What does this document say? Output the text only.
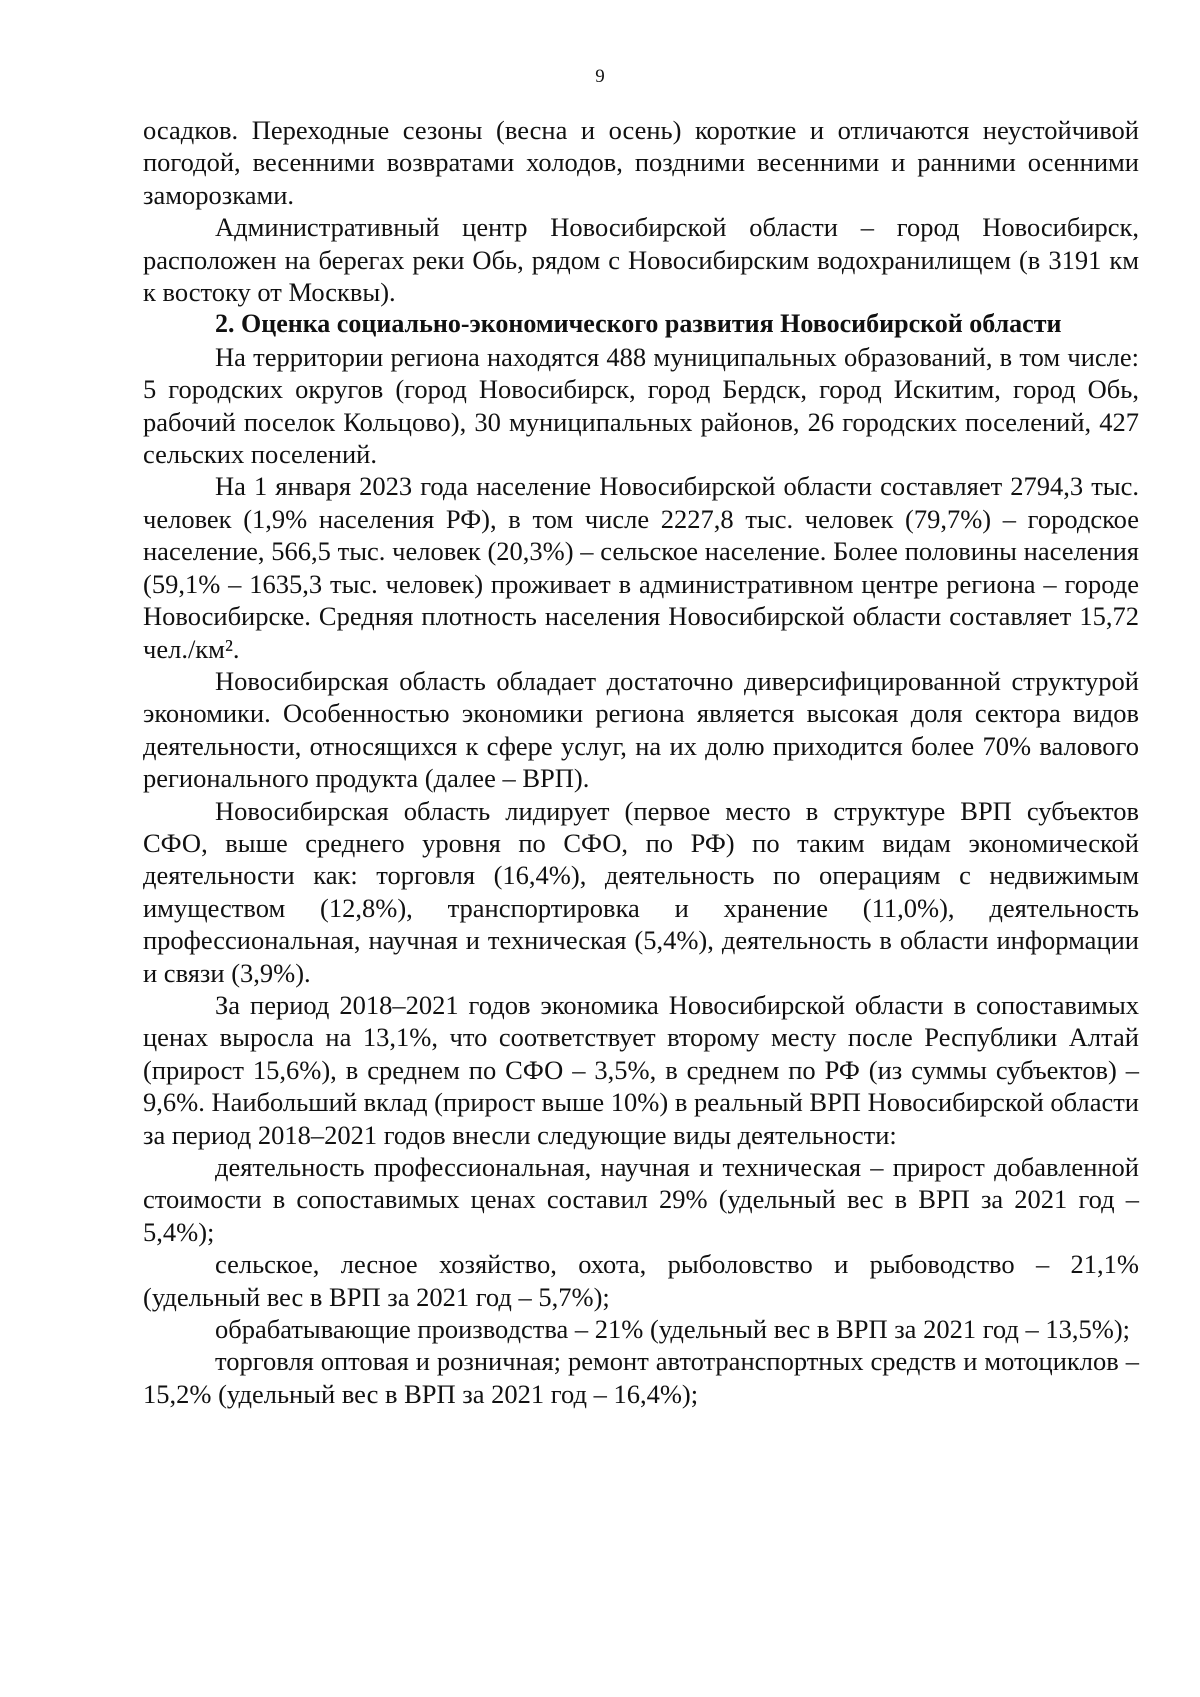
9

осадков. Переходные сезоны (весна и осень) короткие и отличаются неустойчивой погодой, весенними возвратами холодов, поздними весенними и ранними осенними заморозками.

Административный центр Новосибирской области – город Новосибирск, расположен на берегах реки Обь, рядом с Новосибирским водохранилищем (в 3191 км к востоку от Москвы).

2. Оценка социально-экономического развития Новосибирской области

На территории региона находятся 488 муниципальных образований, в том числе: 5 городских округов (город Новосибирск, город Бердск, город Искитим, город Обь, рабочий поселок Кольцово), 30 муниципальных районов, 26 городских поселений, 427 сельских поселений.

На 1 января 2023 года население Новосибирской области составляет 2794,3 тыс. человек (1,9% населения РФ), в том числе 2227,8 тыс. человек (79,7%) – городское население, 566,5 тыс. человек (20,3%) – сельское население. Более половины населения (59,1% – 1635,3 тыс. человек) проживает в административном центре региона – городе Новосибирске. Средняя плотность населения Новосибирской области составляет 15,72 чел./км².

Новосибирская область обладает достаточно диверсифицированной структурой экономики. Особенностью экономики региона является высокая доля сектора видов деятельности, относящихся к сфере услуг, на их долю приходится более 70% валового регионального продукта (далее – ВРП).

Новосибирская область лидирует (первое место в структуре ВРП субъектов СФО, выше среднего уровня по СФО, по РФ) по таким видам экономической деятельности как: торговля (16,4%), деятельность по операциям с недвижимым имуществом (12,8%), транспортировка и хранение (11,0%), деятельность профессиональная, научная и техническая (5,4%), деятельность в области информации и связи (3,9%).

За период 2018–2021 годов экономика Новосибирской области в сопоставимых ценах выросла на 13,1%, что соответствует второму месту после Республики Алтай (прирост 15,6%), в среднем по СФО – 3,5%, в среднем по РФ (из суммы субъектов) – 9,6%. Наибольший вклад (прирост выше 10%) в реальный ВРП Новосибирской области за период 2018–2021 годов внесли следующие виды деятельности:

деятельность профессиональная, научная и техническая – прирост добавленной стоимости в сопоставимых ценах составил 29% (удельный вес в ВРП за 2021 год – 5,4%);

сельское, лесное хозяйство, охота, рыболовство и рыбоводство – 21,1% (удельный вес в ВРП за 2021 год – 5,7%);

обрабатывающие производства – 21% (удельный вес в ВРП за 2021 год – 13,5%);

торговля оптовая и розничная; ремонт автотранспортных средств и мотоциклов – 15,2% (удельный вес в ВРП за 2021 год – 16,4%);
